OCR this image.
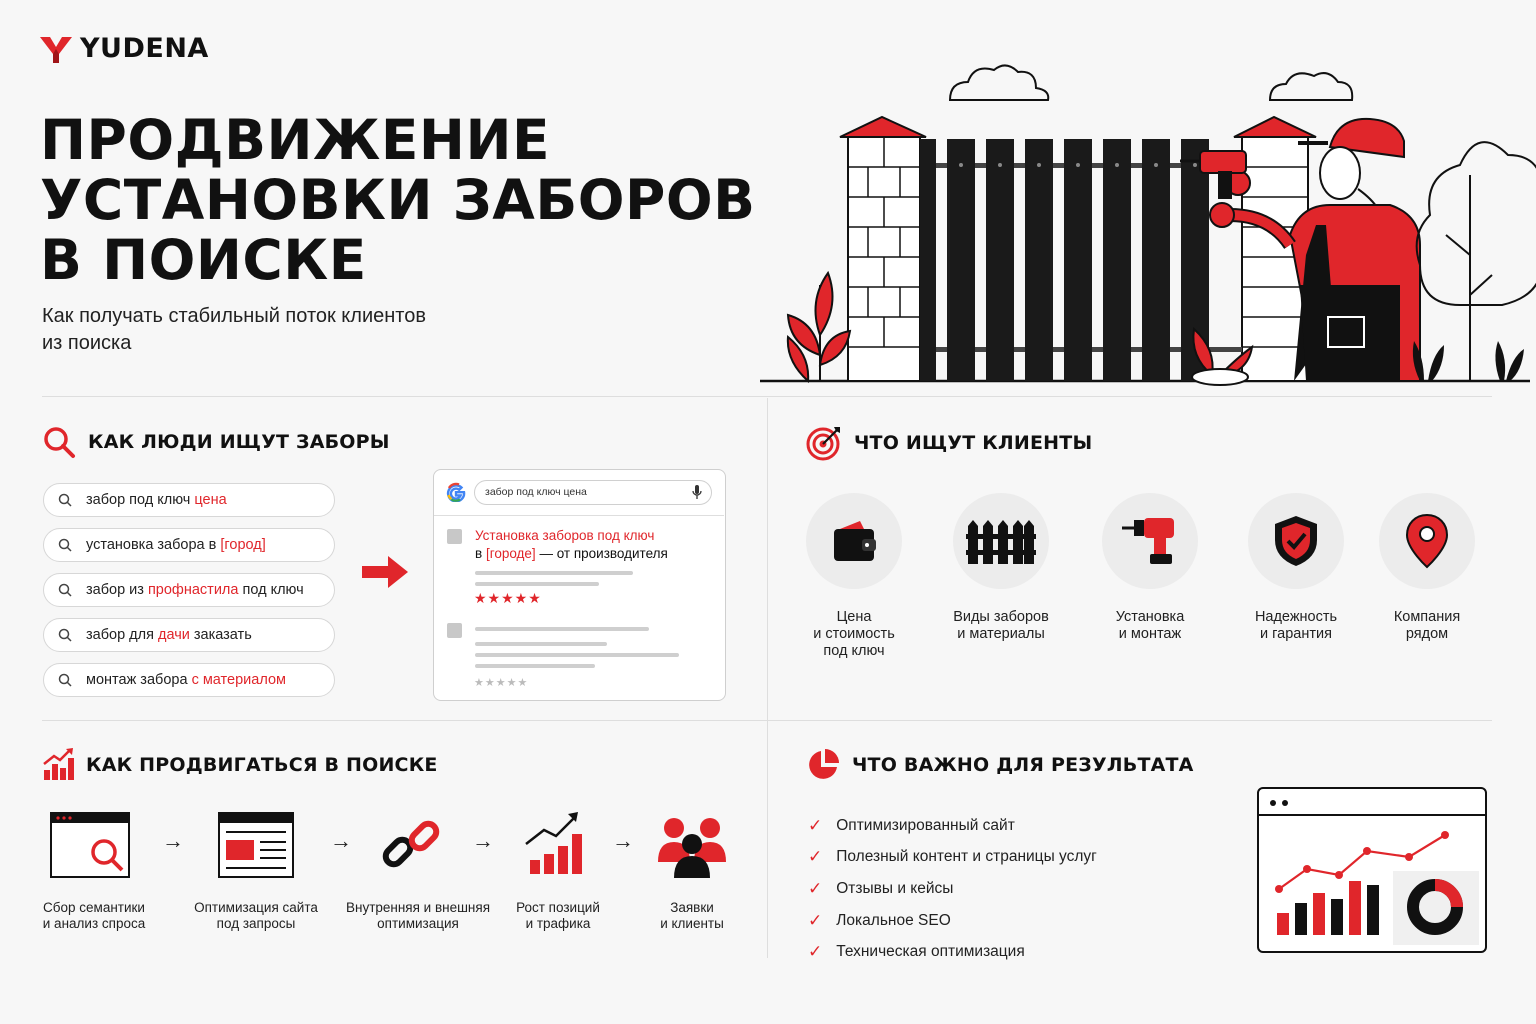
YUDENA
ПРОДВИЖЕНИЕ
УСТАНОВКИ ЗАБОРОВ
В ПОИСКЕ
Как получать стабильный поток клиентов
из поиска
КАК ЛЮДИ ИЩУТ ЗАБОРЫ
забор под ключ цена
установка забора в [город]
забор из профнастила под ключ
забор для дачи заказать
монтаж забора с материалом
забор под ключ цена
Установка заборов под ключ
в [городе] — от производителя
★★★★★
★★★★★
ЧТО ИЩУТ КЛИЕНТЫ
Цена
и стоимость
под ключ
Виды заборов
и материалы
Установка
и монтаж
Надежность
и гарантия
Компания
рядом
КАК ПРОДВИГАТЬСЯ В ПОИСКЕ
→	→	→	→
Сбор семантики
и анализ спроса
Оптимизация сайта
под запросы
Внутренняя и внешняя
оптимизация
Рост позиций
и трафика
Заявки
и клиенты
ЧТО ВАЖНО ДЛЯ РЕЗУЛЬТАТА
✓ Оптимизированный сайт
✓ Полезный контент и страницы услуг
✓ Отзывы и кейсы
✓ Локальное SEO
✓ Техническая оптимизация
